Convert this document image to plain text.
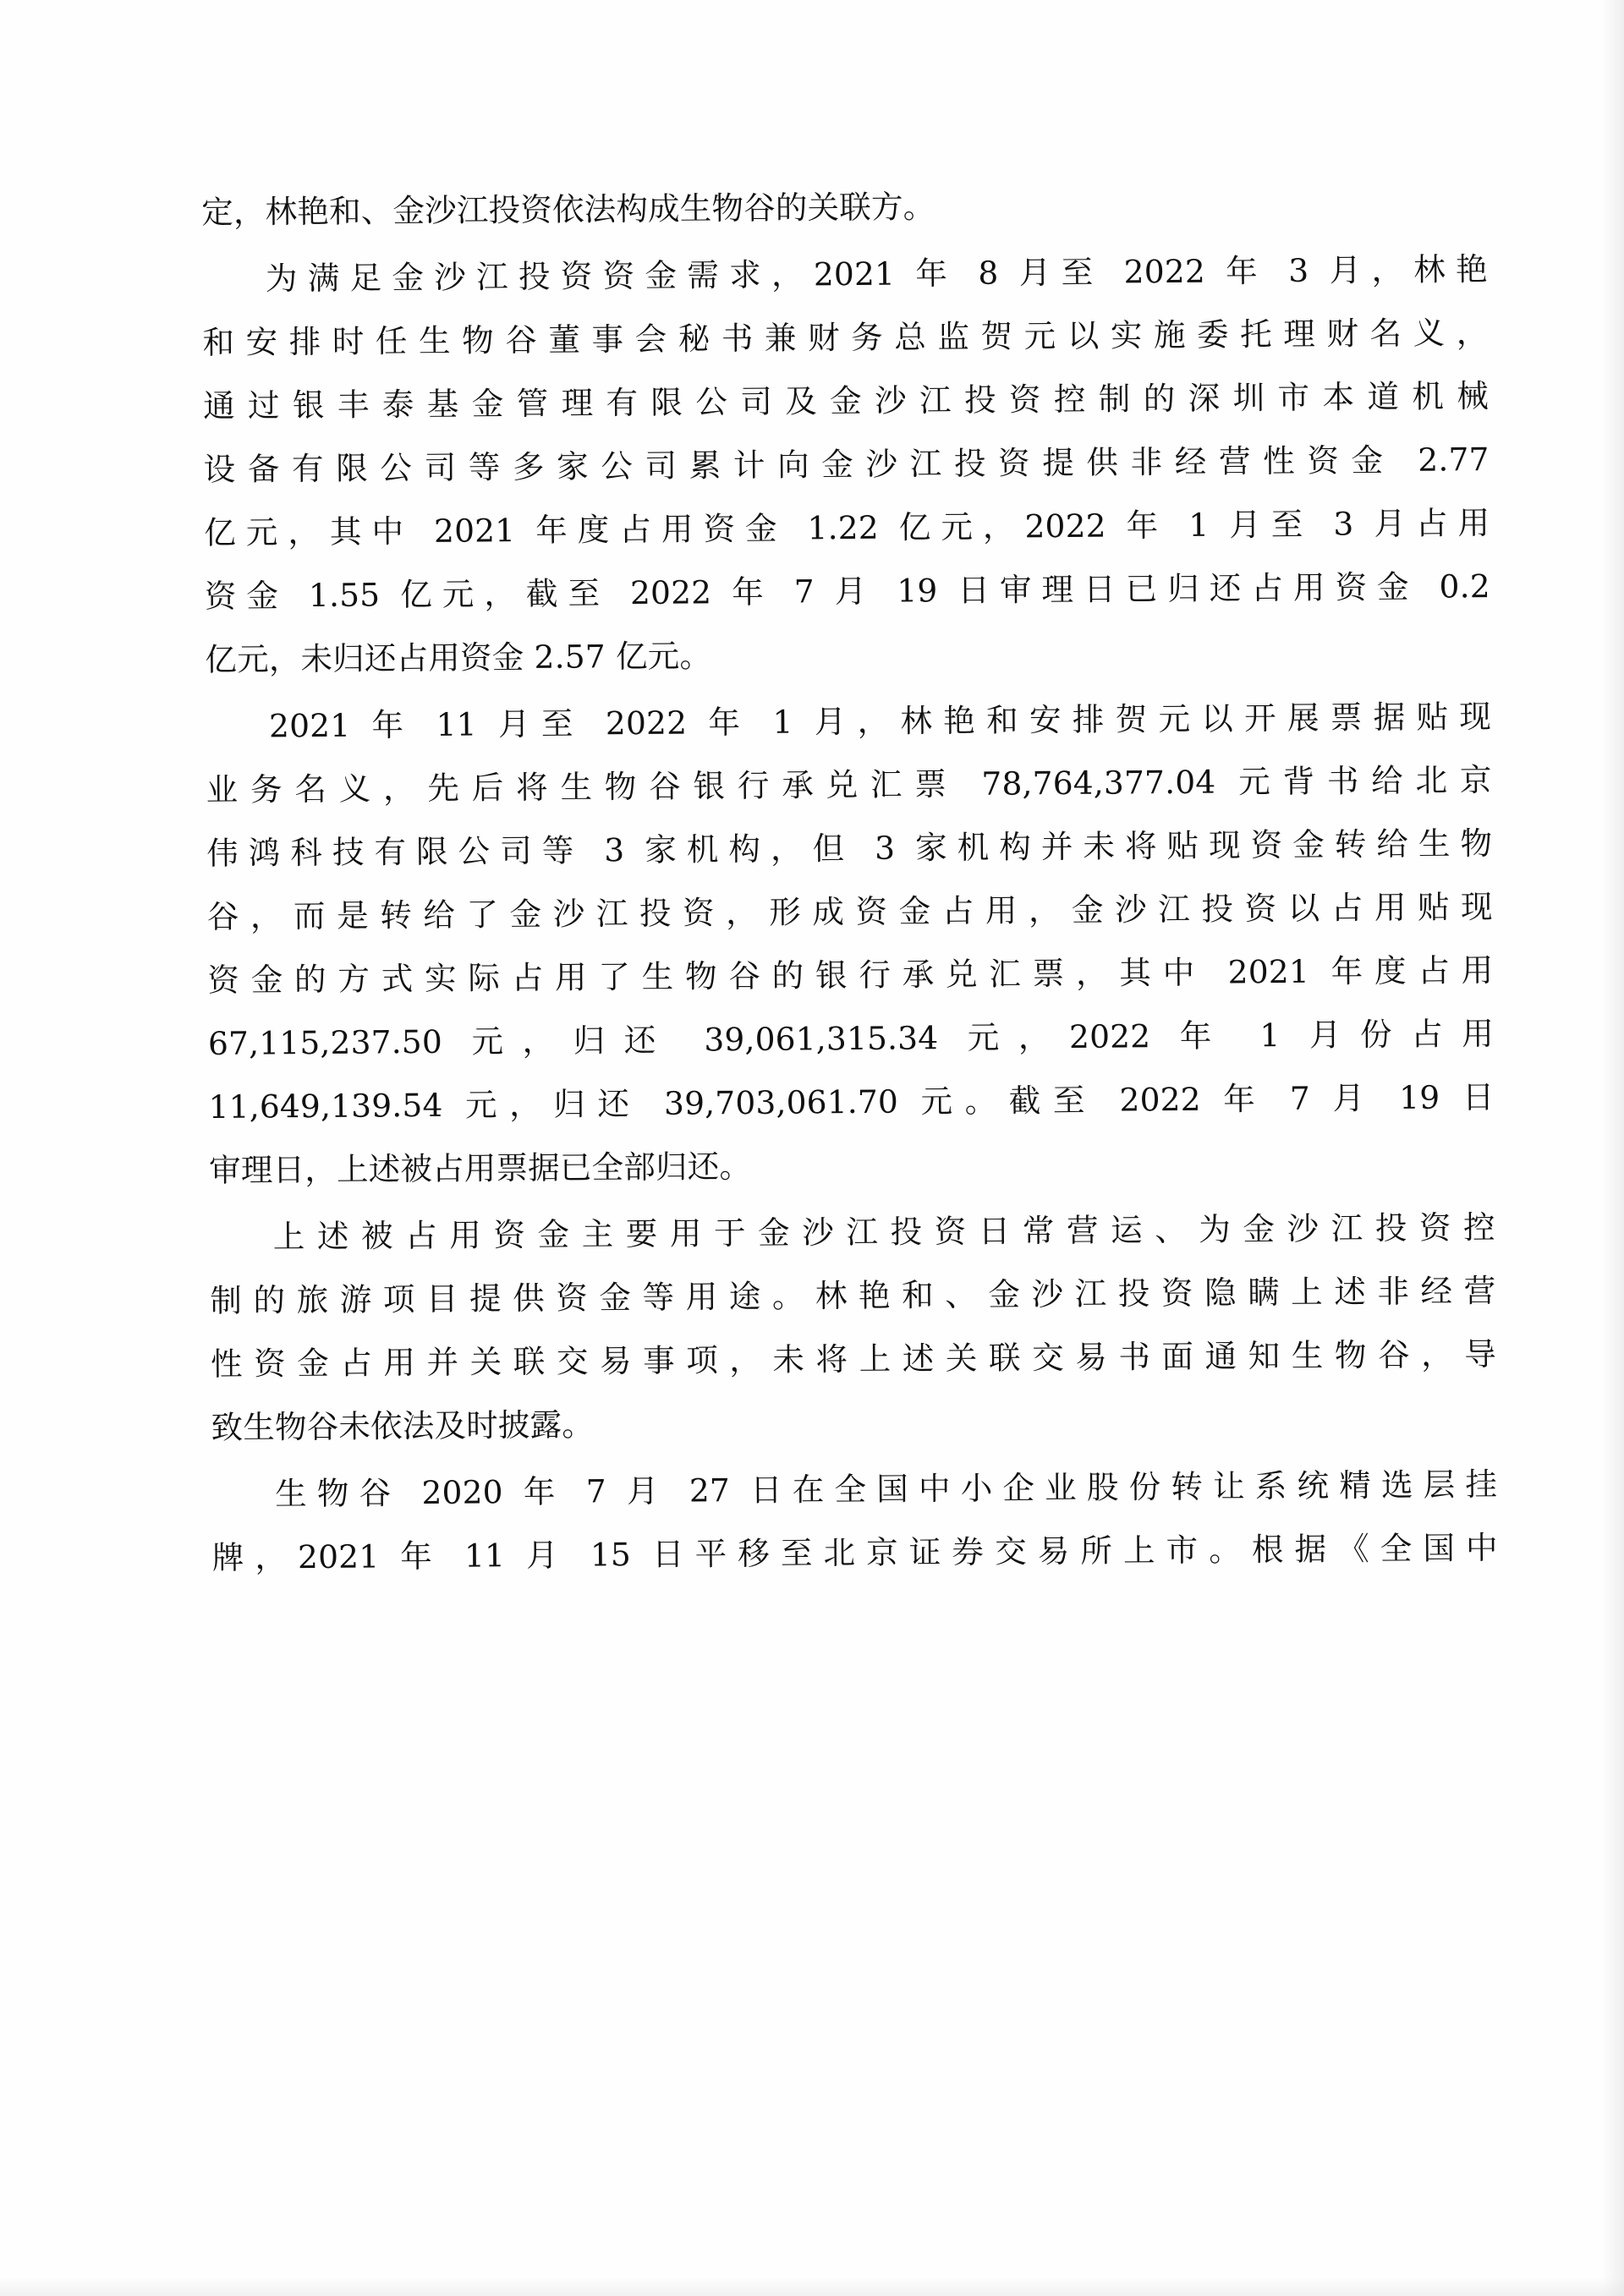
定，林艳和、金沙江投资依法构成生物谷的关联方。
为满足金沙江投资资金需求，2021 年 8 月至 2022 年 3 月，林艳
和安排时任生物谷董事会秘书兼财务总监贺元以实施委托理财名义，
通过银丰泰基金管理有限公司及金沙江投资控制的深圳市本道机械
设备有限公司等多家公司累计向金沙江投资提供非经营性资金 2.77
亿元，其中 2021 年度占用资金 1.22 亿元，2022 年 1 月至 3 月占用
资金 1.55 亿元，截至 2022 年 7 月 19 日审理日已归还占用资金 0.2
亿元，未归还占用资金 2.57 亿元。
2021 年 11 月至 2022 年 1 月，林艳和安排贺元以开展票据贴现
业务名义，先后将生物谷银行承兑汇票 78,764,377.04 元背书给北京
伟鸿科技有限公司等 3 家机构，但 3 家机构并未将贴现资金转给生物
谷，而是转给了金沙江投资，形成资金占用，金沙江投资以占用贴现
资金的方式实际占用了生物谷的银行承兑汇票，其中 2021 年度占用
67,115,237.50 元，归还 39,061,315.34 元，2022 年 1 月份占用
11,649,139.54 元，归还 39,703,061.70 元。截至 2022 年 7 月 19 日
审理日，上述被占用票据已全部归还。
上述被占用资金主要用于金沙江投资日常营运、为金沙江投资控
制的旅游项目提供资金等用途。林艳和、金沙江投资隐瞒上述非经营
性资金占用并关联交易事项，未将上述关联交易书面通知生物谷，导
致生物谷未依法及时披露。
生物谷 2020 年 7 月 27 日在全国中小企业股份转让系统精选层挂
牌，2021 年 11 月 15 日平移至北京证券交易所上市。根据《全国中
